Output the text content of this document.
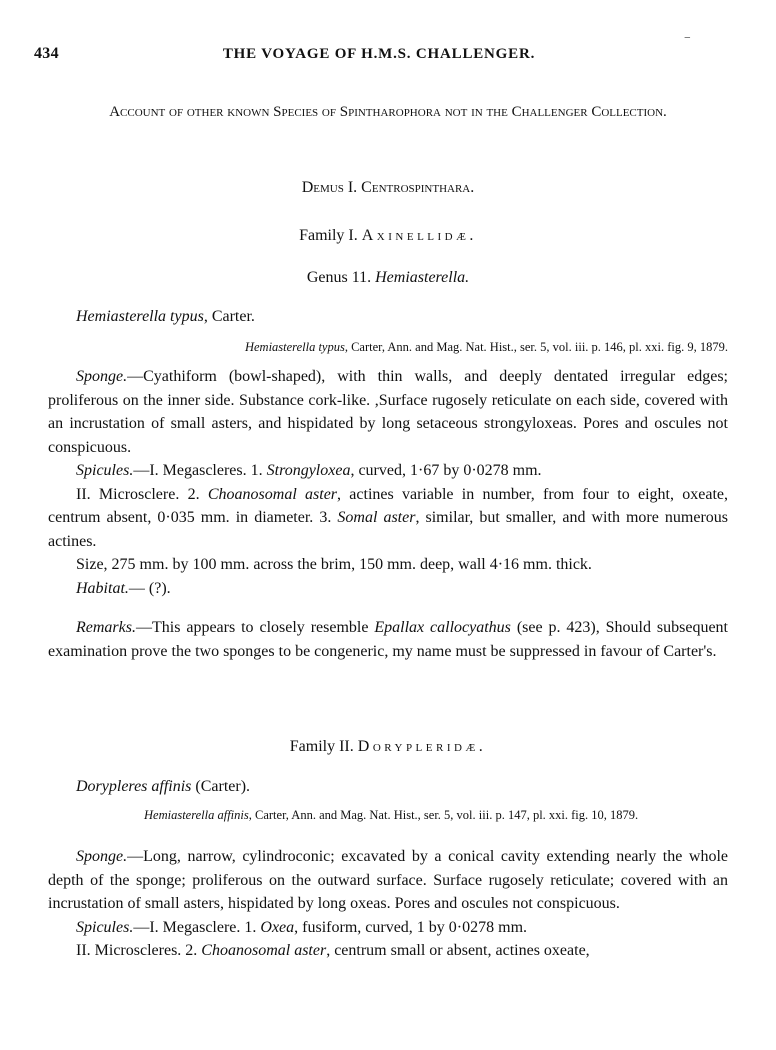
434	THE VOYAGE OF H.M.S. CHALLENGER.
‾
Account of other known Species of Spintharophora not in the Challenger Collection.
Demus I. Centrospinthara.
Family I. Axinellidæ.
Genus 11. Hemiasterella.
Hemiasterella typus, Carter.
Hemiasterella typus, Carter, Ann. and Mag. Nat. Hist., ser. 5, vol. iii. p. 146, pl. xxi. fig. 9, 1879.

Sponge.—Cyathiform (bowl-shaped), with thin walls, and deeply dentated irregular edges; proliferous on the inner side. Substance cork-like. ,Surface rugosely reticulate on each side, covered with an incrustation of small asters, and hispidated by long setaceous strongyloxeas. Pores and oscules not conspicuous.

Spicules.—I. Megascleres. 1. Strongyloxea, curved, 1·67 by 0·0278 mm.

II. Microsclere. 2. Choanosomal aster, actines variable in number, from four to eight, oxeate, centrum absent, 0·035 mm. in diameter. 3. Somal aster, similar, but smaller, and with more numerous actines.

Size, 275 mm. by 100 mm. across the brim, 150 mm. deep, wall 4·16 mm. thick.

Habitat.— (?).

Remarks.—This appears to closely resemble Epallax callocyathus (see p. 423), Should subsequent examination prove the two sponges to be congeneric, my name must be suppressed in favour of Carter's.

Family II. Dorypleridæ.
Dorypleres affinis (Carter).
Hemiasterella affinis, Carter, Ann. and Mag. Nat. Hist., ser. 5, vol. iii. p. 147, pl. xxi. fig. 10, 1879.

Sponge.—Long, narrow, cylindroconic; excavated by a conical cavity extending nearly the whole depth of the sponge; proliferous on the outward surface. Surface rugosely reticulate; covered with an incrustation of small asters, hispidated by long oxeas. Pores and oscules not conspicuous.

Spicules.—I. Megasclere. 1. Oxea, fusiform, curved, 1 by 0·0278 mm.

II. Microscleres. 2. Choanosomal aster, centrum small or absent, actines oxeate,
